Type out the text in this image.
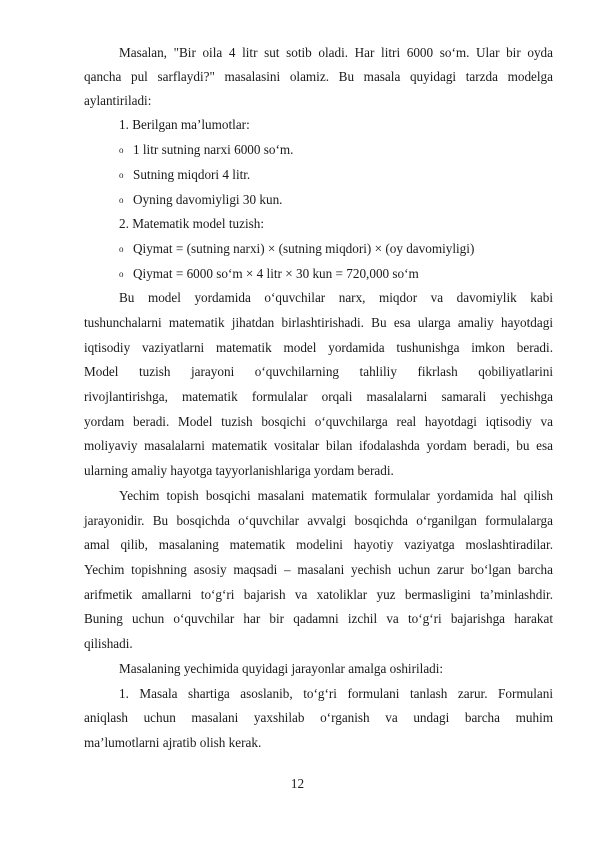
Masalan, "Bir oila 4 litr sut sotib oladi. Har litri 6000 so‘m. Ular bir oyda
qancha pul sarflaydi?" masalasini olamiz. Bu masala quyidagi tarzda modelga
aylantiriladi:
1. Berilgan ma’lumotlar:
o 1 litr sutning narxi 6000 so‘m.
o Sutning miqdori 4 litr.
o Oyning davomiyligi 30 kun.
2. Matematik model tuzish:
o Qiymat = (sutning narxi) × (sutning miqdori) × (oy davomiyligi)
o Qiymat = 6000 so‘m × 4 litr × 30 kun = 720,000 so‘m
Bu model yordamida o‘quvchilar narx, miqdor va davomiylik kabi
tushunchalarni matematik jihatdan birlashtirishadi. Bu esa ularga amaliy hayotdagi
iqtisodiy vaziyatlarni matematik model yordamida tushunishga imkon beradi.
Model tuzish jarayoni o‘quvchilarning tahliliy fikrlash qobiliyatlarini
rivojlantirishga, matematik formulalar orqali masalalarni samarali yechishga
yordam beradi. Model tuzish bosqichi o‘quvchilarga real hayotdagi iqtisodiy va
moliyaviy masalalarni matematik vositalar bilan ifodalashda yordam beradi, bu esa
ularning amaliy hayotga tayyorlanishlariga yordam beradi.
Yechim topish bosqichi masalani matematik formulalar yordamida hal qilish
jarayonidir. Bu bosqichda o‘quvchilar avvalgi bosqichda o‘rganilgan formulalarga
amal qilib, masalaning matematik modelini hayotiy vaziyatga moslashtiradilar.
Yechim topishning asosiy maqsadi – masalani yechish uchun zarur bo‘lgan barcha
arifmetik amallarni to‘g‘ri bajarish va xatoliklar yuz bermasligini ta’minlashdir.
Buning uchun o‘quvchilar har bir qadamni izchil va to‘g‘ri bajarishga harakat
qilishadi.
Masalaning yechimida quyidagi jarayonlar amalga oshiriladi:
1. Masala shartiga asoslanib, to‘g‘ri formulani tanlash zarur. Formulani
aniqlash uchun masalani yaxshilab o‘rganish va undagi barcha muhim
ma’lumotlarni ajratib olish kerak.
12
